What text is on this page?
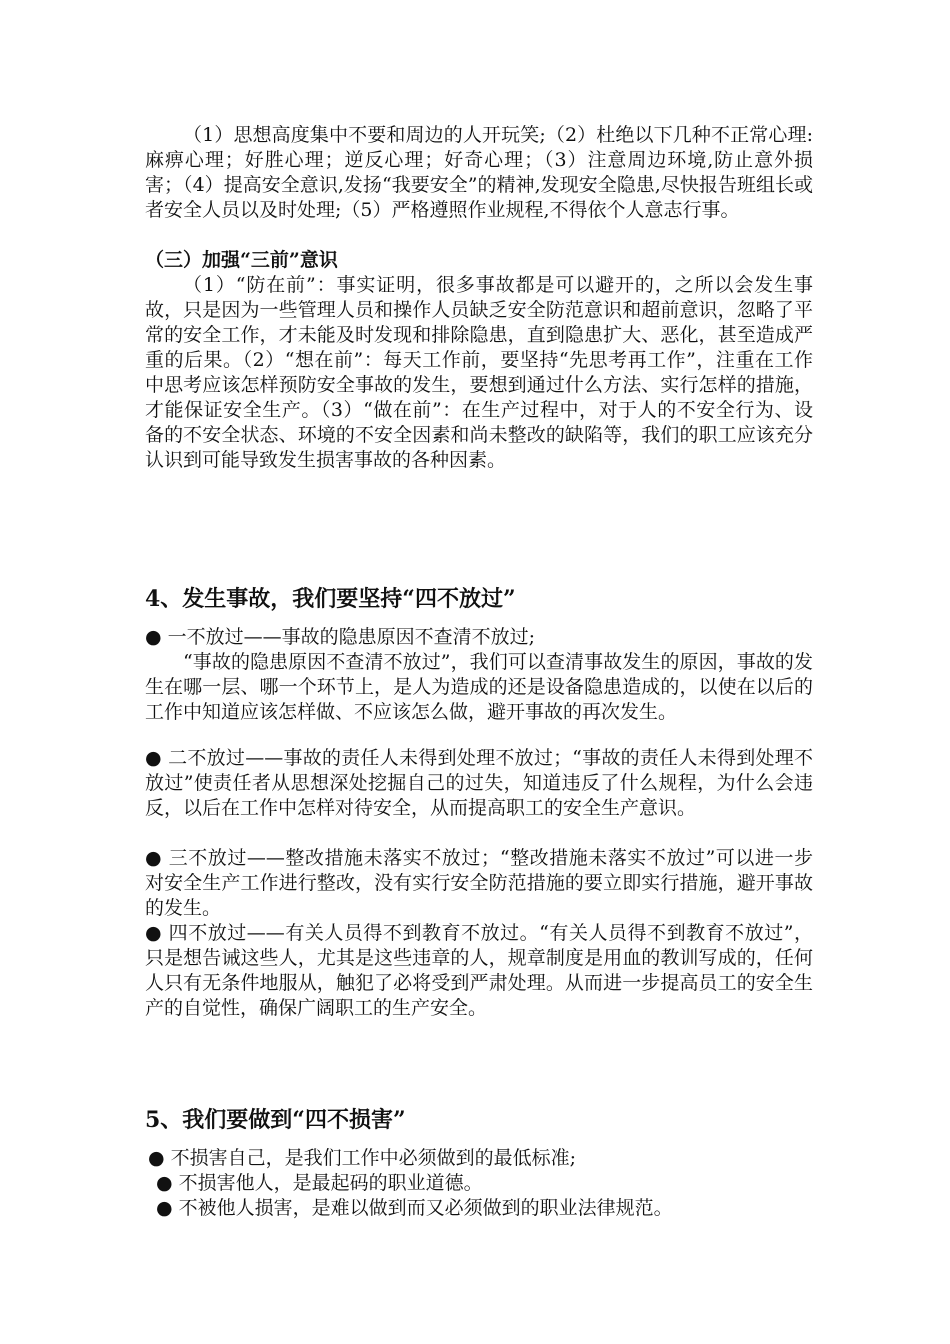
（1）思想高度集中不要和周边的人开玩笑;（2）杜绝以下几种不正常心理:麻痹心理；好胜心理；逆反心理；好奇心理；（3）注意周边环境,防止意外损害；（4）提高安全意识,发扬“我要安全”的精神,发现安全隐患,尽快报告班组长或者安全人员以及时处理;（5）严格遵照作业规程,不得依个人意志行事。

（三）加强“三前”意识

（1）“防在前”：事实证明，很多事故都是可以避开的，之所以会发生事故，只是因为一些管理人员和操作人员缺乏安全防范意识和超前意识，忽略了平常的安全工作，才未能及时发现和排除隐患，直到隐患扩大、恶化，甚至造成严重的后果。（2）“想在前”：每天工作前，要坚持“先思考再工作”，注重在工作中思考应该怎样预防安全事故的发生，要想到通过什么方法、实行怎样的措施，才能保证安全生产。（3）“做在前”：在生产过程中，对于人的不安全行为、设备的不安全状态、环境的不安全因素和尚未整改的缺陷等，我们的职工应该充分认识到可能导致发生损害事故的各种因素。

4、发生事故，我们要坚持“四不放过”

● 一不放过——事故的隐患原因不查清不放过;

“事故的隐患原因不查清不放过”，我们可以查清事故发生的原因，事故的发生在哪一层、哪一个环节上，是人为造成的还是设备隐患造成的，以使在以后的工作中知道应该怎样做、不应该怎么做，避开事故的再次发生。

● 二不放过——事故的责任人未得到处理不放过；“事故的责任人未得到处理不放过”使责任者从思想深处挖掘自己的过失，知道违反了什么规程，为什么会违反，以后在工作中怎样对待安全，从而提高职工的安全生产意识。

● 三不放过——整改措施未落实不放过；“整改措施未落实不放过”可以进一步对安全生产工作进行整改，没有实行安全防范措施的要立即实行措施，避开事故的发生。

● 四不放过——有关人员得不到教育不放过。“有关人员得不到教育不放过”，只是想告诫这些人，尤其是这些违章的人，规章制度是用血的教训写成的，任何人只有无条件地服从，触犯了必将受到严肃处理。从而进一步提高员工的安全生产的自觉性，确保广阔职工的生产安全。

5、我们要做到“四不损害”

● 不损害自己，是我们工作中必须做到的最低标准;

● 不损害他人，是最起码的职业道德。

● 不被他人损害，是难以做到而又必须做到的职业法律规范。
